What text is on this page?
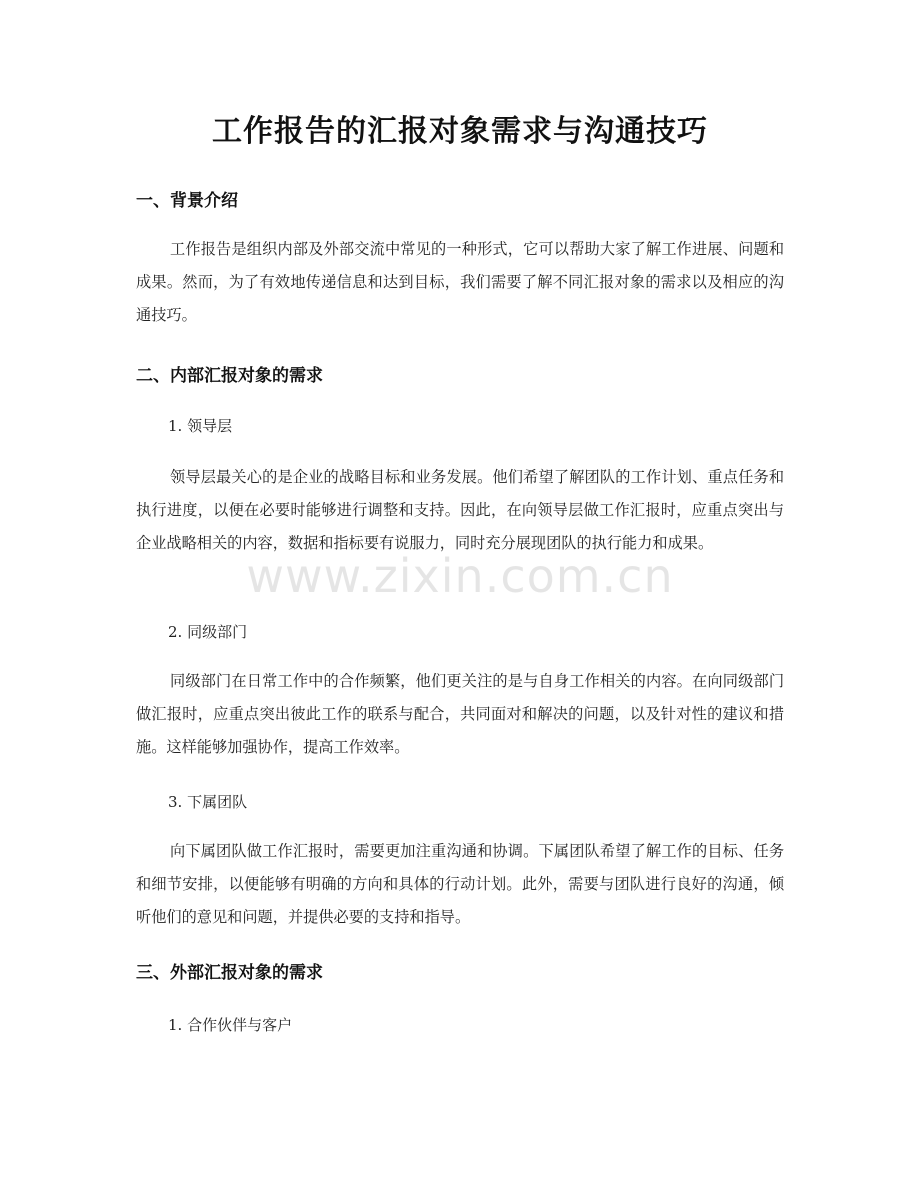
工作报告的汇报对象需求与沟通技巧
一、背景介绍
工作报告是组织内部及外部交流中常见的一种形式，它可以帮助大家了解工作进展、问题和成果。然而，为了有效地传递信息和达到目标，我们需要了解不同汇报对象的需求以及相应的沟通技巧。
二、内部汇报对象的需求
1. 领导层
领导层最关心的是企业的战略目标和业务发展。他们希望了解团队的工作计划、重点任务和执行进度，以便在必要时能够进行调整和支持。因此，在向领导层做工作汇报时，应重点突出与企业战略相关的内容，数据和指标要有说服力，同时充分展现团队的执行能力和成果。
2. 同级部门
同级部门在日常工作中的合作频繁，他们更关注的是与自身工作相关的内容。在向同级部门做汇报时，应重点突出彼此工作的联系与配合，共同面对和解决的问题，以及针对性的建议和措施。这样能够加强协作，提高工作效率。
3. 下属团队
向下属团队做工作汇报时，需要更加注重沟通和协调。下属团队希望了解工作的目标、任务和细节安排，以便能够有明确的方向和具体的行动计划。此外，需要与团队进行良好的沟通，倾听他们的意见和问题，并提供必要的支持和指导。
三、外部汇报对象的需求
1. 合作伙伴与客户
www.zixin.com.cn
